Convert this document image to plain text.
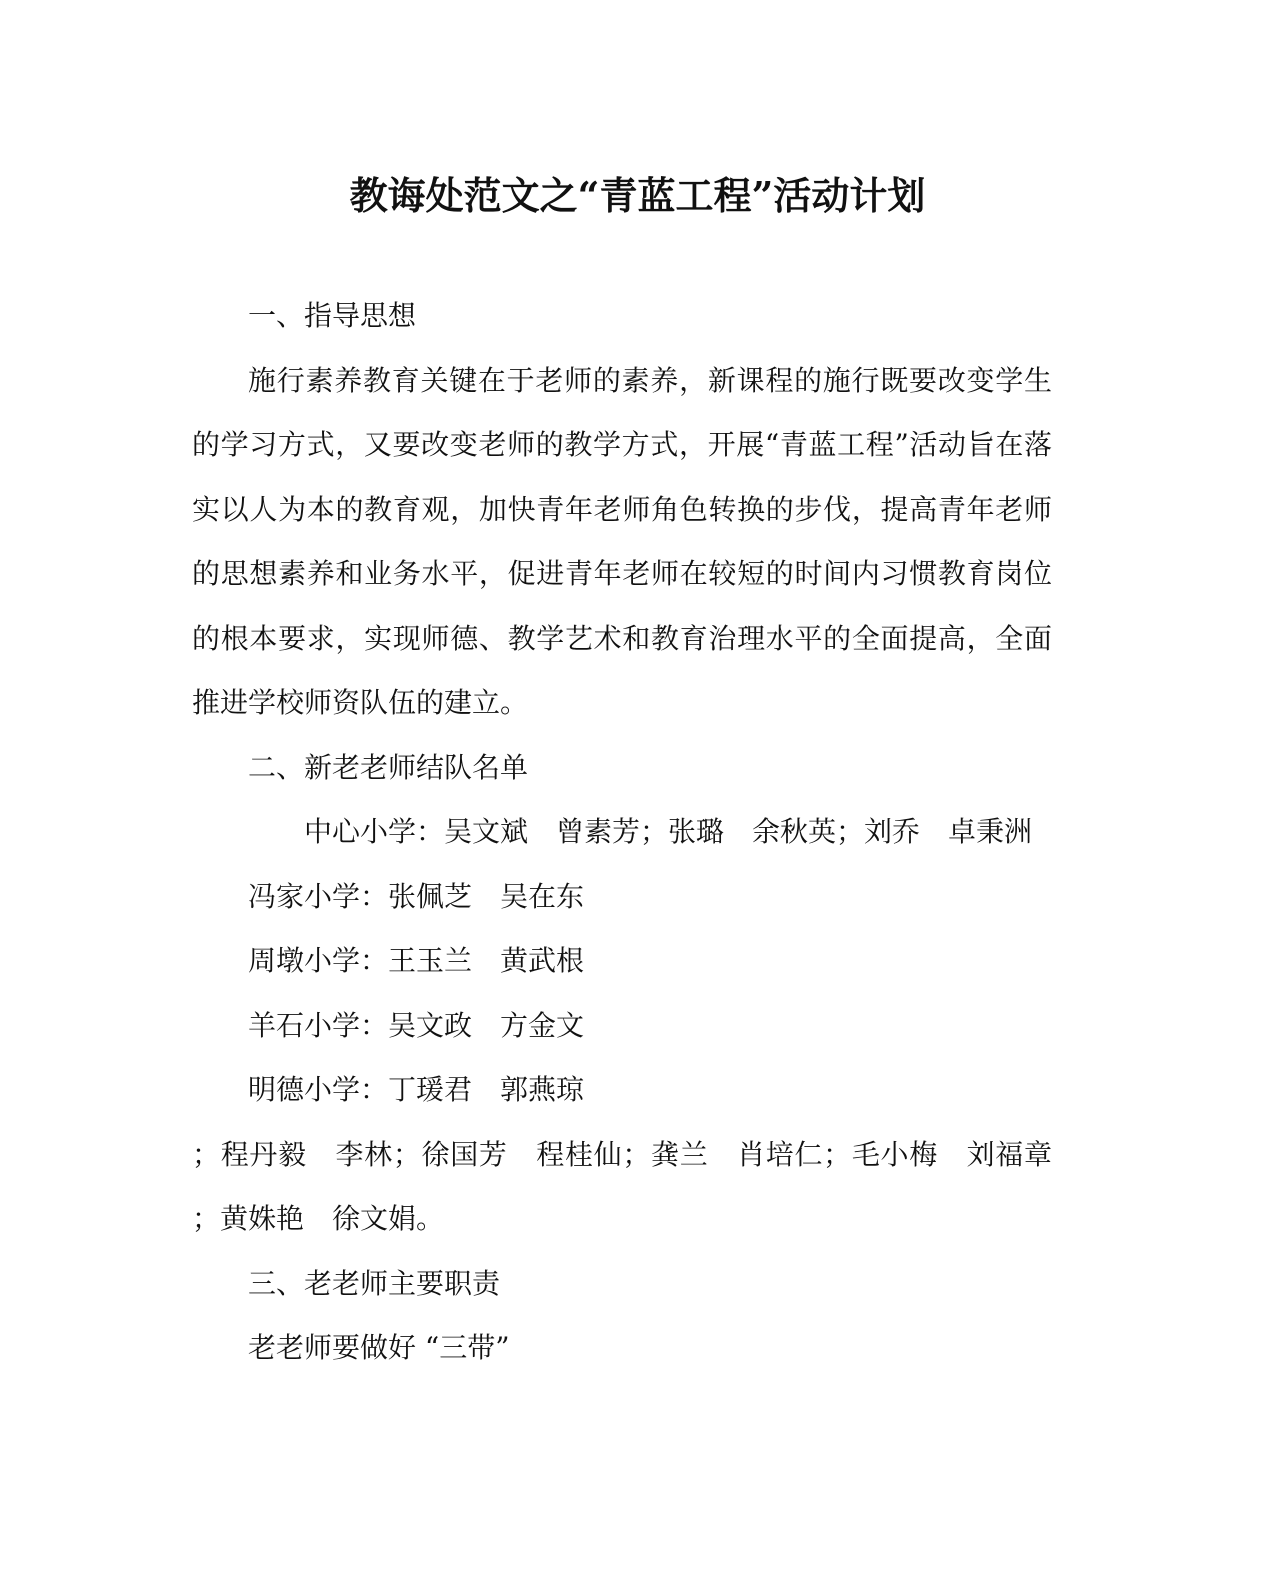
教诲处范文之“青蓝工程”活动计划
一、指导思想
施行素养教育关键在于老师的素养，新课程的施行既要改变学生
的学习方式，又要改变老师的教学方式，开展“青蓝工程”活动旨在落
实以人为本的教育观，加快青年老师角色转换的步伐，提高青年老师
的思想素养和业务水平，促进青年老师在较短的时间内习惯教育岗位
的根本要求，实现师德、教学艺术和教育治理水平的全面提高，全面
推进学校师资队伍的建立。
二、新老老师结队名单
中心小学：吴文斌　曾素芳；张璐　余秋英；刘乔　卓秉洲
冯家小学：张佩芝　吴在东
周墩小学：王玉兰　黄武根
羊石小学：吴文政　方金文
明德小学：丁瑗君　郭燕琼
；程丹毅　李林；徐国芳　程桂仙；龚兰　肖培仁；毛小梅　刘福章
；黄姝艳　徐文娟。
三、老老师主要职责
老老师要做好 “三带”
